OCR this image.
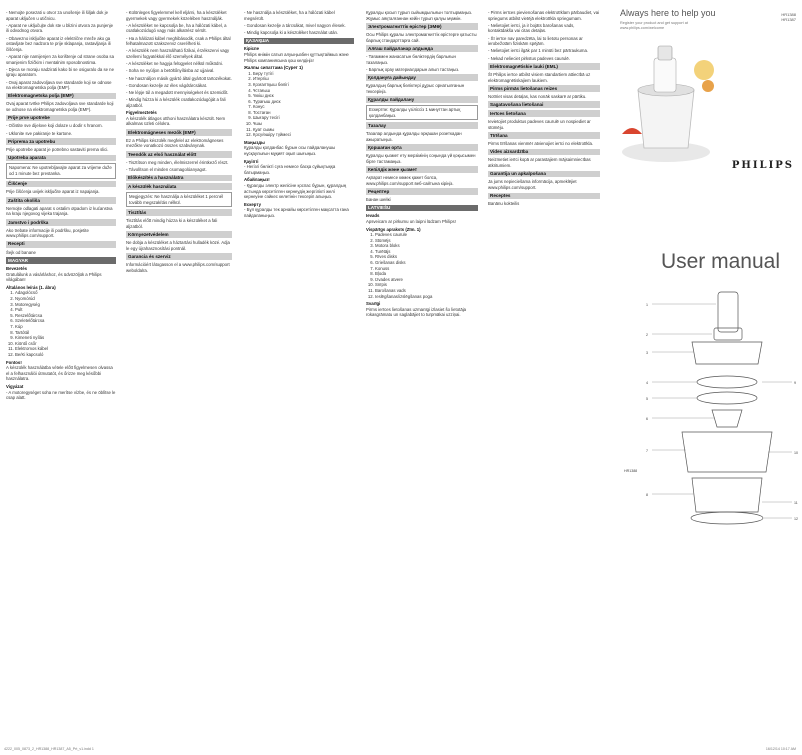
- Nemojte posezati u otvor za unošenje ili šiljak dok je aparat uključen u utičnicu.

- Aparat ne uključujte dok ste u blizini otvora za punjenje ili odvodnog otvora.

- Obavezno isključite aparat iz električne mreže ako ga ostavljate bez nadzora te prije sklapanja, rastavljanja ili čišćenja.

- Aparat nije namijenjen za korištenje od strane osoba sa smanjenim fizičkim i mentalnim sposobnostima.

- Djeca se moraju nadzirati kako bi se osiguralo da se ne igraju aparatom.

- Ovaj aparat zadovoljava sve standarde koji se odnose na elektromagnetska polja (EMF).

Elektromagnetska polja (EMF)

Ovaj aparat tvrtke Philips zadovoljava sve standarde koji se odnose na elektromagnetska polja (EMF).

Prije prve upotrebe

- Očistite sve dijelove koji dolaze u dodir s hranom.

- Uklonite sve pakiranje te kartone.

Priprema za upotrebu

Prije upotrebe aparat je potrebno sastaviti prema slici.

Upotreba aparata

Napomena: Ne upotrebljavajte aparat za vrijeme duže od 1 minute bez prestanka.

Čišćenje

Prije čišćenja uvijek isključite aparat iz napajanja.

Zaštita okoliša

Nemojte odlagati aparat s ostalim otpadom iz kućanstva na kraju njegovog vijeka trajanja.

Jamstvo i podrška

Ako trebate informacije ili podršku, posjetite www.philips.com/support.

Recepti

Šejk od banane

MAGYAR
Bevezetés

Gratulálunk a vásárláshoz, és üdvözöljük a Philips világában!

Általános leírás (1. ábra)
1. Adagolócső
2. Nyomórúd
3. Motoregység
4. Pult
5. Reszelőtárcsa
6. Szeletelőtárcsa
7. Kúp
8. Tartótál
9. Kimeneti nyílás
10. Kiöntő csőr
11. Elektromos kábel
12. Be/Ki kapcsoló
Fontos!

A készülék használatba vétele előtt figyelmesen olvassa el a felhasználói útmutatót, és őrizze meg későbbi használatra.

Vigyázat

- A motoregységet soha ne merítse vízbe, és ne öblítse le csap alatt.

- Különleges figyelemmel kell eljárni, ha a készüléket gyermekek vagy gyermekek közelében használják.

- A készüléket ne kapcsolja be, ha a hálózati kábel, a csatlakozódugó vagy más alkatrész sérült.

- Ha a hálózati kábel meghibásodik, csak a Philips által felhatalmazott szakszerviz cserélheti ki.

- A készülék nem használható fizikai, érzékszervi vagy szellemi fogyatékkal élő személyek által.

- A készüléket ne hagyja felügyelet nélkül működni.

- Soha ne nyúljon a betöltőnyílásba az ujjaival.

- Ne használjon másik gyártó által gyártott tartozékokat.

- Gondosan kezelje az éles vágótárcsákat.

- Ne lépje túl a megadott mennyiségeket és üzemidőt.

- Mindig húzza ki a készülék csatlakozódugóját a fali aljzatból.

Figyelmeztetés

A készülék átlagos otthoni használatra készült. Nem alkalmas üzleti célokra.

Elektromágneses mezők (EMF)

Ez a Philips készülék megfelel az elektromágneses mezőkre vonatkozó összes szabványnak.

Teendők az első használat előtt

- Tisztítson meg minden, élelmiszerrel érintkező részt.

- Távolítson el minden csomagolóanyagot.

Előkészítés a használatra
A készülék használata

Megjegyzés: Ne használja a készüléket 1 percnél tovább megszakítás nélkül.

Tisztítás

Tisztítás előtt mindig húzza ki a készüléket a fali aljzatból.

Környezetvédelem

Ne dobja a készüléket a háztartási hulladék közé. Adja le egy újrahasznosítási pontnál.

Garancia és szerviz

Információért látogasson el a www.philips.com/support weboldalra.

- Ne használja a készüléket, ha a hálózati kábel megsérült.

- Gondosan kezelje a tárcsákat, mivel nagyon élesek.

- Mindig kapcsolja ki a készüléket használat után.

ҚАЗАҚША
Кіріспе

Philips өнімін сатып алуыңызбен құттықтаймыз және Philips компаниясына қош келдіңіз!

Жалпы сипаттама (Сурет 1)
1. Беру түтігі
2. Итергіш
3. Қозғалтқыш бөлігі
4. Ұстағыш
5. Үккіш диск
6. Турағыш диск
7. Конус
8. Тостаған
9. Шығару тесігі
10. Ұшы
11. Қуат сымы
12. Қосу/өшіру түймесі
Маңызды

Құралды қолданбас бұрын осы пайдаланушы нұсқаулығын мұқият оқып шығыңыз.

Қауіпті

- Негізгі бөлікті суға немесе басқа сұйықтыққа батырмаңыз.

Абайлаңыз!

- Құралды электр желісіне қоспас бұрын, құралдың астында көрсетілген кернеудің жергілікті желі кернеуіне сәйкес келетінін тексеріп алыңыз.

Ескерту

- Бұл құралды тек арнайы көрсетілген мақсатта ғана пайдаланыңыз.

Құралды қосып тұрып сыйымдылығын толтырмаңыз. Жұмыс аяқталғаннан кейін тұрып қалуы мүмкін.

Электромагниттік өрістер (ЭМӨ)

Осы Philips құралы электромагниттік өрістерге қатысты барлық стандарттарға сай.

Алғаш пайдаланар алдында

- Тағаммен жанасатын бөліктердің барлығын тазалаңыз.

- Барлық орау материалдарын алып тастаңыз.

Қолдануға дайындау

Құралдың барлық бөліктері дұрыс орнатылғанын тексеріңіз.

Құралды пайдалану

Ескертпе: Құралды үзіліссіз 1 минуттан артық қолданбаңыз.

Тазалау

Тазалар алдында құралды әрқашан розеткадан ажыратыңыз.

Қоршаған орта

Құралды қызмет ету мерзімінің соңында үй қоқысымен бірге тастамаңыз.

Кепілдік және қызмет

Ақпарат немесе көмек қажет болса, www.philips.com/support веб-сайтына кіріңіз.

Рецептер

Банан шейкі

LATVIEŠU
Ievads

Apsveicam ar pirkumu un laipni lūdzam Philips!

Vispārīgs apraksts (Zīm. 1)
1. Padeves caurule
2. Stūmējs
3. Motora bloks
4. Turētājs
5. Rīves disks
6. Griešanas disks
7. Konuss
8. Bļoda
9. Izvades atvere
10. Snīpis
11. Barošanas vads
12. Ieslēgšanas/izslēgšanas poga
Svarīgi

Pirms ierīces lietošanas uzmanīgi izlasiet šo lietotāja rokasgrāmatu un saglabājiet to turpmākai uzziņai.

- Pirms ierīces pievienošanas elektrotīklam pārbaudiet, vai spriegums atbilst vietējā elektrotīkla spriegumam.

- Nelietojiet ierīci, ja ir bojāts barošanas vads, kontaktdakša vai citas detaļas.

- Šī ierīce nav paredzēta, lai to lietotu personas ar ierobežotām fiziskām spējām.

- Nelietojiet ierīci ilgāk par 1 minūti bez pārtraukuma.

- Nekad nelieciet pirkstus padeves caurulē.

Elektromagnētiskie lauki (EML)

Šī Philips ierīce atbilst visiem standartiem attiecībā uz elektromagnētiskajiem laukiem.

Pirms pirmās lietošanas reizes

Notīriet visas detaļas, kas nonāk saskarē ar pārtiku.

Sagatavošana lietošanai
Ierīces lietošana

Ievietojiet produktus padeves caurulē un nospiediet ar stūmēju.

Tīrīšana

Pirms tīrīšanas vienmēr atvienojiet ierīci no elektrotīkla.

Vides aizsardzība

Neizmetiet ierīci kopā ar parastajiem mājsaimniecības atkritumiem.

Garantija un apkalpošana

Ja jums nepieciešama informācija, apmeklējiet www.philips.com/support.

Receptes

Banānu kokteilis

Always here to help you
Register your product and get support at www.philips.com/welcome
HR1388
HR1387
PHILIPS
User manual
1
2
3
4
5
6
7
8
9
10
11
12
HR1388
4222_005_0873_2_HR1388_HR1387_A5_Prt_v1.indd 1	16/12/14 10:17 AM
